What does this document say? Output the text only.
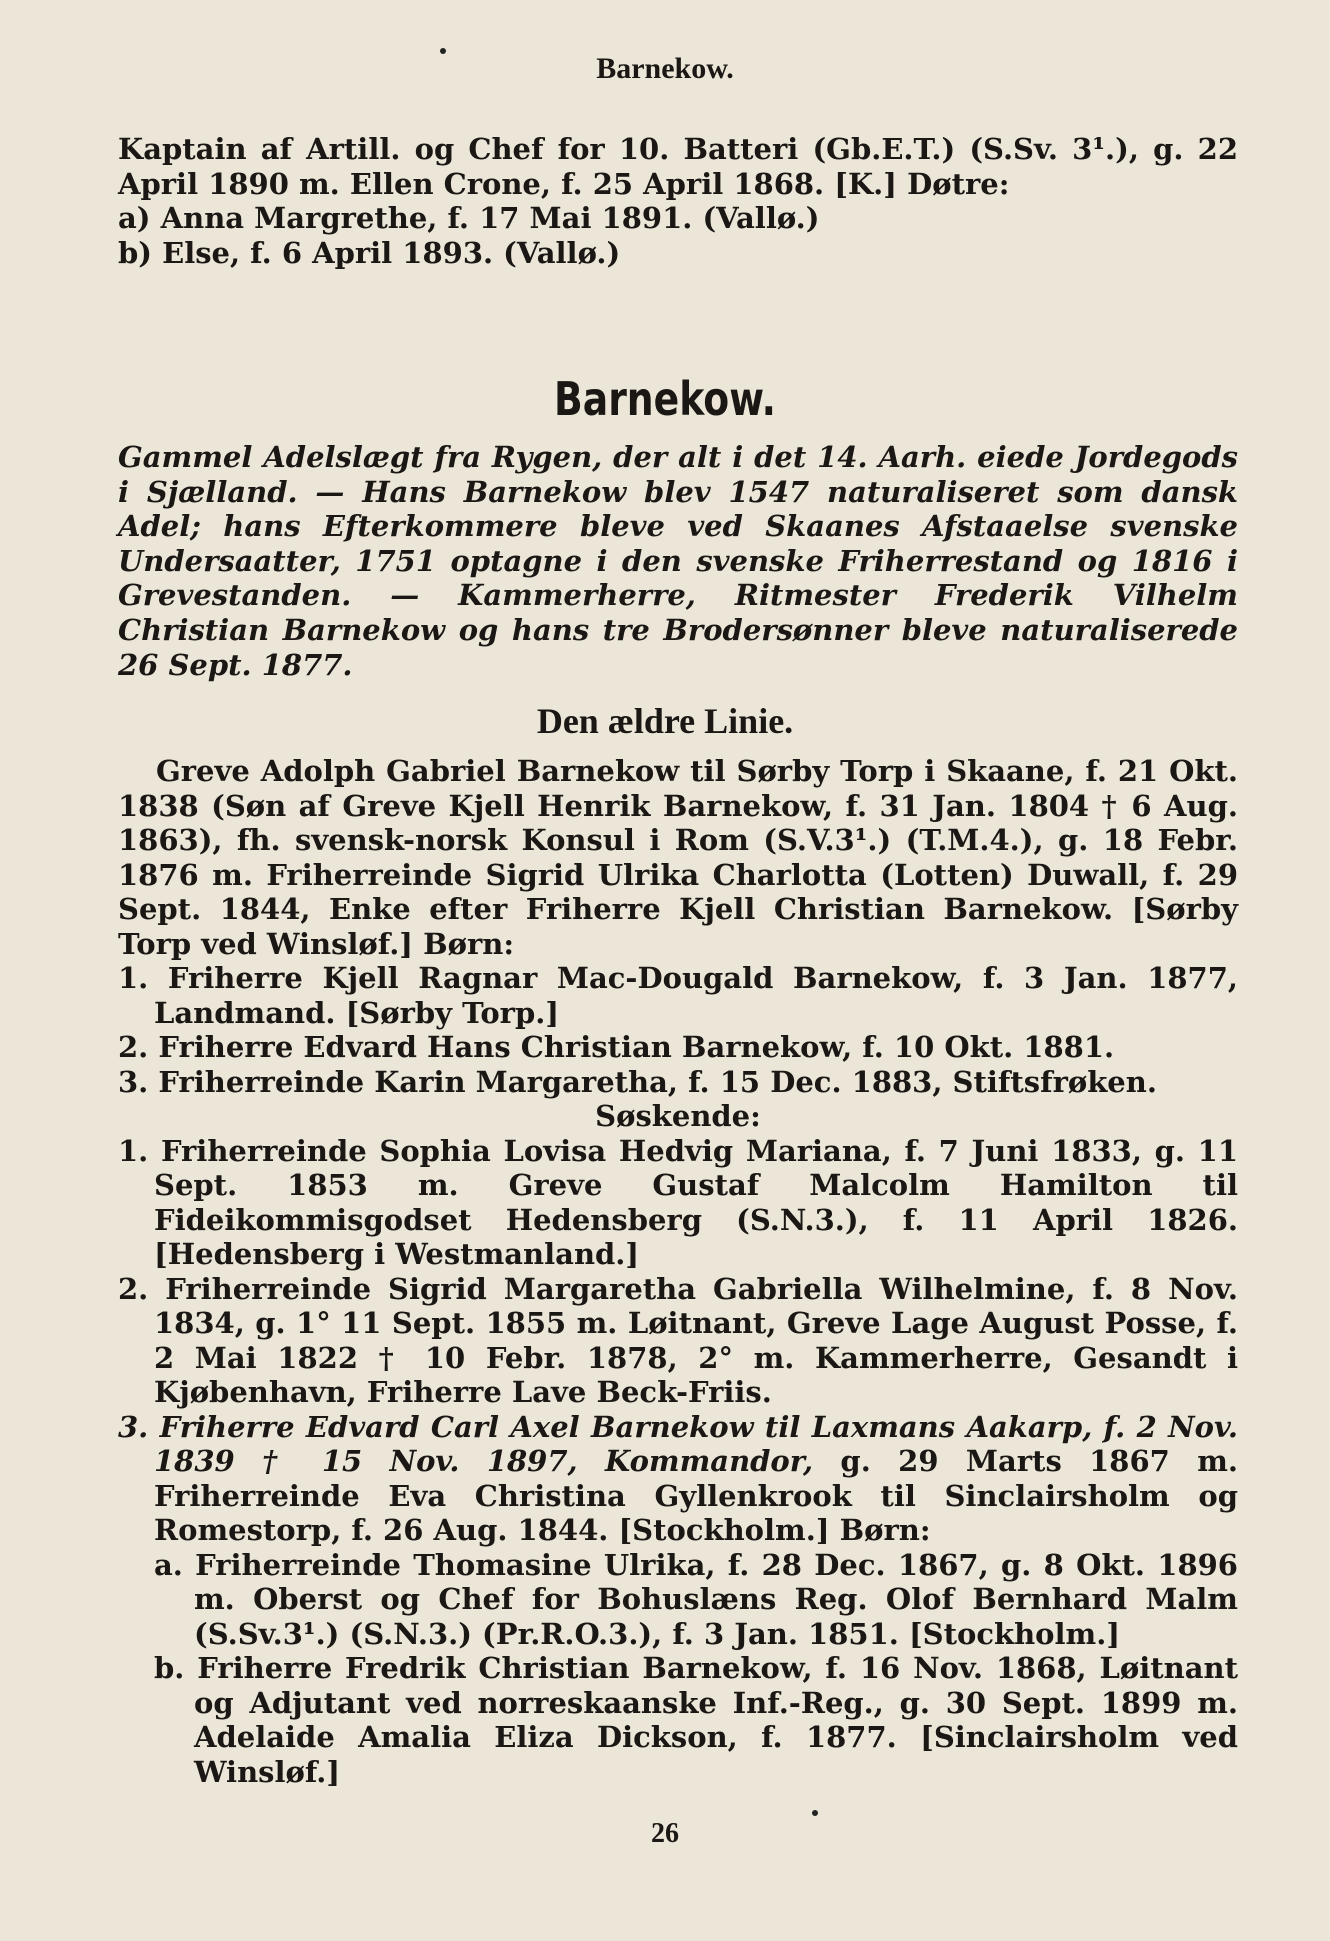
Barnekow.

Kaptain af Artill. og Chef for 10. Batteri (Gb.E.T.) (S.Sv. 3¹.), g. 22 April 1890 m. Ellen Crone, f. 25 April 1868. [K.] Døtre:

a) Anna Margrethe, f. 17 Mai 1891. (Vallø.)

b) Else, f. 6 April 1893. (Vallø.)

Barnekow.

Gammel Adelslægt fra Rygen, der alt i det 14. Aarh. eiede Jordegods i Sjælland. — Hans Barnekow blev 1547 naturaliseret som dansk Adel; hans Efterkommere bleve ved Skaanes Afstaaelse svenske Undersaatter, 1751 optagne i den svenske Friherrestand og 1816 i Grevestanden. — Kammerherre, Ritmester Frederik Vilhelm Christian Barnekow og hans tre Brodersønner bleve naturaliserede 26 Sept. 1877.

Den ældre Linie.

Greve Adolph Gabriel Barnekow til Sørby Torp i Skaane, f. 21 Okt. 1838 (Søn af Greve Kjell Henrik Barnekow, f. 31 Jan. 1804 † 6 Aug. 1863), fh. svensk-norsk Konsul i Rom (S.V.3¹.) (T.M.4.), g. 18 Febr. 1876 m. Friherreinde Sigrid Ulrika Charlotta (Lotten) Duwall, f. 29 Sept. 1844, Enke efter Friherre Kjell Christian Barnekow. [Sørby Torp ved Winsløf.] Børn:

1. Friherre Kjell Ragnar Mac-Dougald Barnekow, f. 3 Jan. 1877, Landmand. [Sørby Torp.]

2. Friherre Edvard Hans Christian Barnekow, f. 10 Okt. 1881.

3. Friherreinde Karin Margaretha, f. 15 Dec. 1883, Stiftsfrøken.

Søskende:

1. Friherreinde Sophia Lovisa Hedvig Mariana, f. 7 Juni 1833, g. 11 Sept. 1853 m. Greve Gustaf Malcolm Hamilton til Fideikommisgodset Hedensberg (S.N.3.), f. 11 April 1826. [Hedensberg i Westmanland.]

2. Friherreinde Sigrid Margaretha Gabriella Wilhelmine, f. 8 Nov. 1834, g. 1° 11 Sept. 1855 m. Løitnant, Greve Lage August Posse, f. 2 Mai 1822 † 10 Febr. 1878, 2° m. Kammerherre, Gesandt i Kjøbenhavn, Friherre Lave Beck-Friis.

3. Friherre Edvard Carl Axel Barnekow til Laxmans Aakarp, f. 2 Nov. 1839 † 15 Nov. 1897, Kommandor, g. 29 Marts 1867 m. Friherreinde Eva Christina Gyllenkrook til Sinclairsholm og Romestorp, f. 26 Aug. 1844. [Stockholm.] Børn:

a. Friherreinde Thomasine Ulrika, f. 28 Dec. 1867, g. 8 Okt. 1896 m. Oberst og Chef for Bohuslæns Reg. Olof Bernhard Malm (S.Sv.3¹.) (S.N.3.) (Pr.R.O.3.), f. 3 Jan. 1851. [Stockholm.]

b. Friherre Fredrik Christian Barnekow, f. 16 Nov. 1868, Løitnant og Adjutant ved norreskaanske Inf.-Reg., g. 30 Sept. 1899 m. Adelaide Amalia Eliza Dickson, f. 1877. [Sinclairsholm ved Winsløf.]

26
